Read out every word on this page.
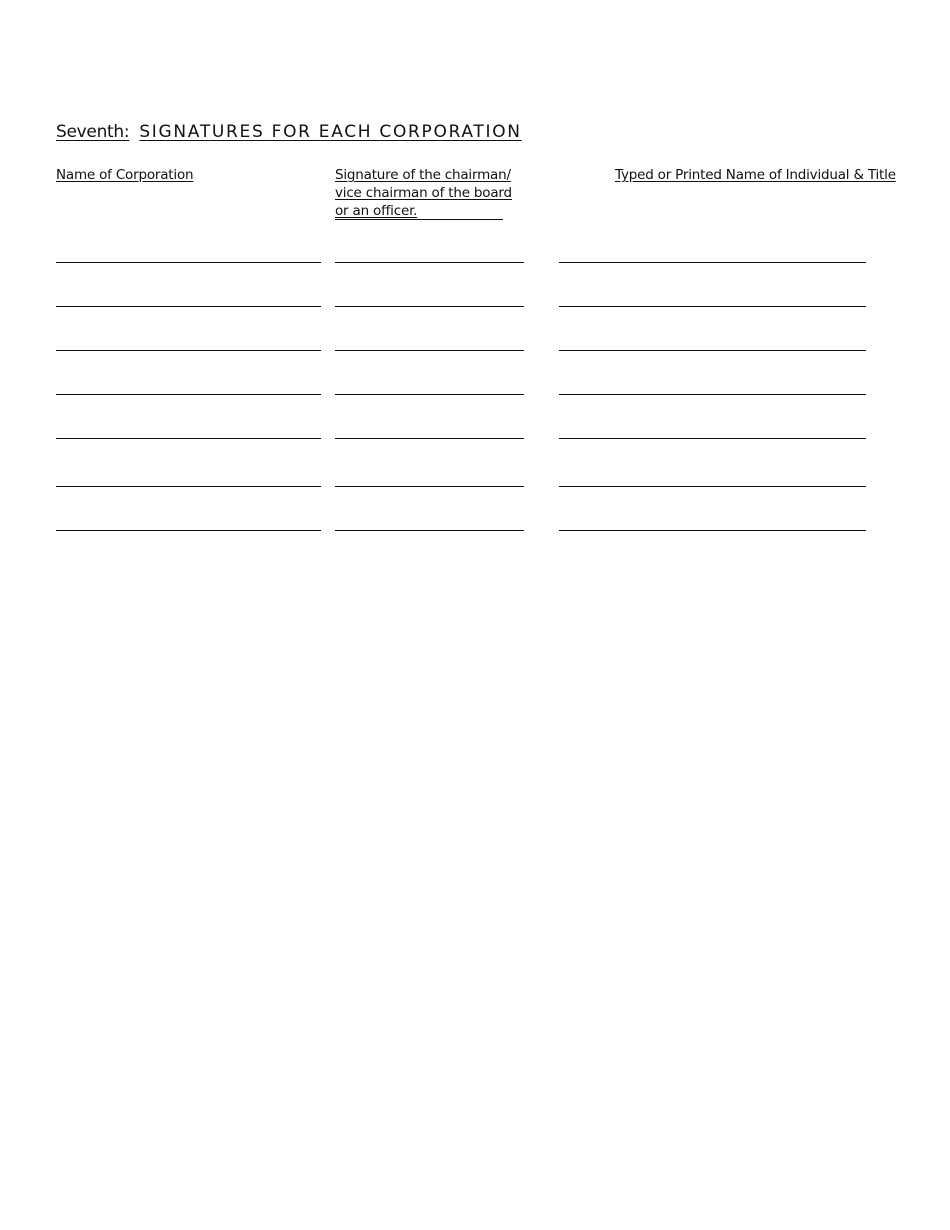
Seventh: SIGNATURES FOR EACH CORPORATION
Name of Corporation	Signature of the chairman/
vice chairman of the board
or an officer.
Typed or Printed Name of Individual & Title
